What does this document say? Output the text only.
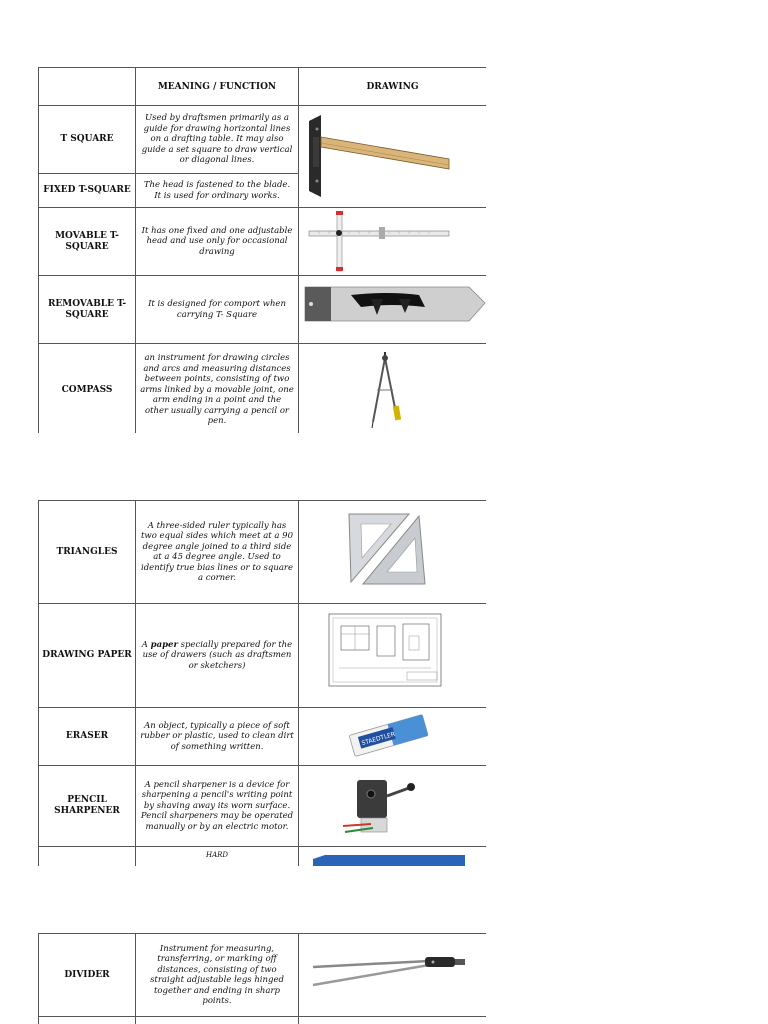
	MEANING / FUNCTION	DRAWING
T SQUARE	Used by draftsmen primarily as a guide for drawing horizontal lines on a drafting table. It may also guide a set square to draw vertical or diagonal lines.	

FIXED T-SQUARE	The head is fastened to the blade. It is used for ordinary works.	
MOVABLE T- SQUARE	It has one fixed and one adjustable head and use only for occasional drawing	

REMOVABLE T- SQUARE	It is designed for comport when carrying T- Square	

COMPASS	an instrument for drawing circles and arcs and measuring distances between points, consisting of two arms linked by a movable joint, one arm ending in a point and the other usually carrying a pencil or pen.	
TRIANGLES	A three-sided ruler typically has two equal sides which meet at a 90 degree angle joined to a third side at a 45 degree angle. Used to identify true bias lines or to square a corner.	

DRAWING PAPER	A paper specially prepared for the use of drawers (such as draftsmen or sketchers)	

ERASER	An object, typically a piece of soft rubber or plastic, used to clean dirt of something written.	STAEDTLER

PENCIL SHARPENER	A pencil sharpener is a device for sharpening a pencil's writing point by shaving away its worn surface. Pencil sharpeners may be operated manually or by an electric motor.	

	HARD	
DIVIDER	Instrument for measuring, transferring, or marking off distances, consisting of two straight adjustable legs hinged together and ending in sharp points.	
